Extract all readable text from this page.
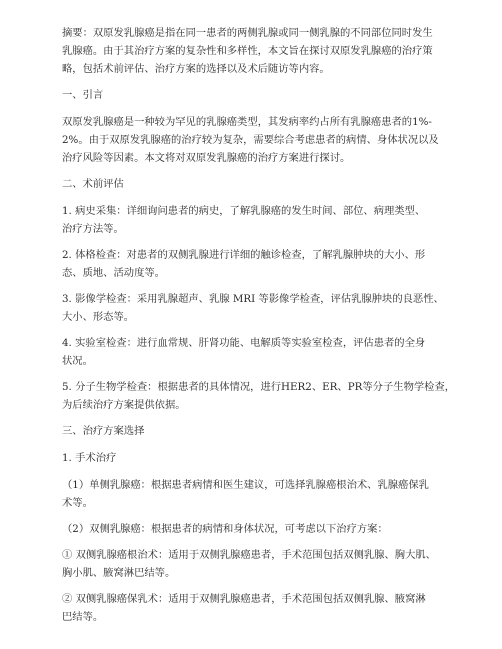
摘要：双原发乳腺癌是指在同一患者的两侧乳腺或同一侧乳腺的不同部位同时发生
乳腺癌。由于其治疗方案的复杂性和多样性，本文旨在探讨双原发乳腺癌的治疗策
略，包括术前评估、治疗方案的选择以及术后随访等内容。
一、引言
双原发乳腺癌是一种较为罕见的乳腺癌类型，其发病率约占所有乳腺癌患者的1%-
2%。由于双原发乳腺癌的治疗较为复杂，需要综合考虑患者的病情、身体状况以及
治疗风险等因素。本文将对双原发乳腺癌的治疗方案进行探讨。
二、术前评估
1. 病史采集：详细询问患者的病史，了解乳腺癌的发生时间、部位、病理类型、
治疗方法等。
2. 体格检查：对患者的双侧乳腺进行详细的触诊检查，了解乳腺肿块的大小、形
态、质地、活动度等。
3. 影像学检查：采用乳腺超声、乳腺 MRI 等影像学检查，评估乳腺肿块的良恶性、
大小、形态等。
4. 实验室检查：进行血常规、肝肾功能、电解质等实验室检查，评估患者的全身
状况。
5. 分子生物学检查：根据患者的具体情况，进行HER2、ER、PR等分子生物学检查，
为后续治疗方案提供依据。
三、治疗方案选择
1. 手术治疗
（1）单侧乳腺癌：根据患者病情和医生建议，可选择乳腺癌根治术、乳腺癌保乳
术等。
（2）双侧乳腺癌：根据患者的病情和身体状况，可考虑以下治疗方案：
① 双侧乳腺癌根治术：适用于双侧乳腺癌患者，手术范围包括双侧乳腺、胸大肌、
胸小肌、腋窝淋巴结等。
② 双侧乳腺癌保乳术：适用于双侧乳腺癌患者，手术范围包括双侧乳腺、腋窝淋
巴结等。
